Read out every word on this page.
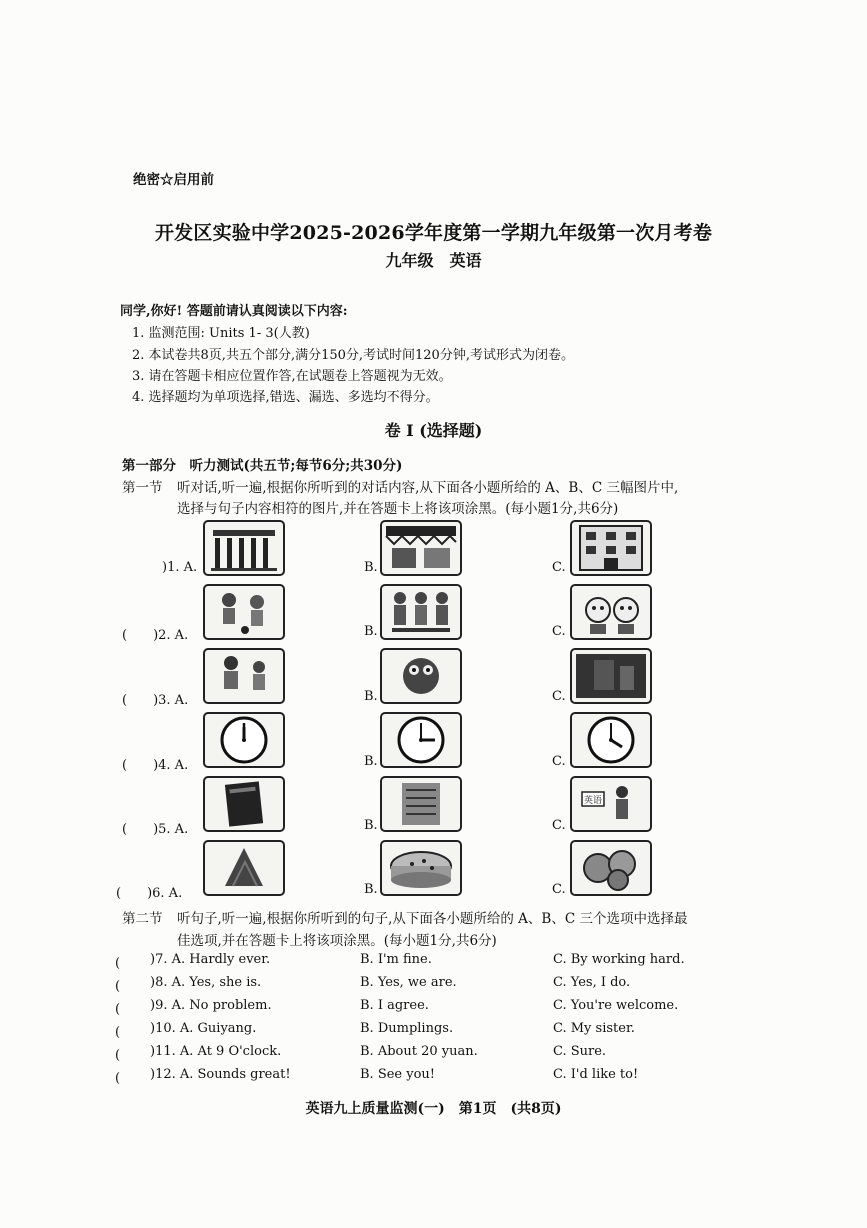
绝密☆启用前
开发区实验中学2025-2026学年度第一学期九年级第一次月考卷
九年级　英语
同学,你好! 答题前请认真阅读以下内容:
1. 监测范围: Units 1- 3(人教)
2. 本试卷共8页,共五个部分,满分150分,考试时间120分钟,考试形式为闭卷。
3. 请在答题卡相应位置作答,在试题卷上答题视为无效。
4. 选择题均为单项选择,错选、漏选、多选均不得分。
卷 I (选择题)
第一部分　听力测试(共五节;每节6分;共30分)
第一节 听对话,听一遍,根据你所听到的对话内容,从下面各小题所给的 A、B、C 三幅图片中,
选择与句子内容相符的图片,并在答题卡上将该项涂黑。(每小题1分,共6分)
)1. A.	B.	C.
(　　)2. A.	B.	C.
(　　)3. A.	B.	C.
(　　)4. A.	B.	C.
(　　)5. A.	B.	C.
英语
(　　)6. A.	B.	C.
第二节 听句子,听一遍,根据你所听到的句子,从下面各小题所给的 A、B、C 三个选项中选择最
佳选项,并在答题卡上将该项涂黑。(每小题1分,共6分)
(　　 )7. A. Hardly ever.	B. I'm fine.	C. By working hard.
(　　 )8. A. Yes, she is.	B. Yes, we are.	C. Yes, I do.
(　　 )9. A. No problem.	B. I agree.	C. You're welcome.
(　　 )10. A. Guiyang.	B. Dumplings.	C. My sister.
(　　 )11. A. At 9 O'clock.	B. About 20 yuan.	C. Sure.
(　　 )12. A. Sounds great!	B. See you!	C. I'd like to!
英语九上质量监测(一)　第1页　(共8页)
